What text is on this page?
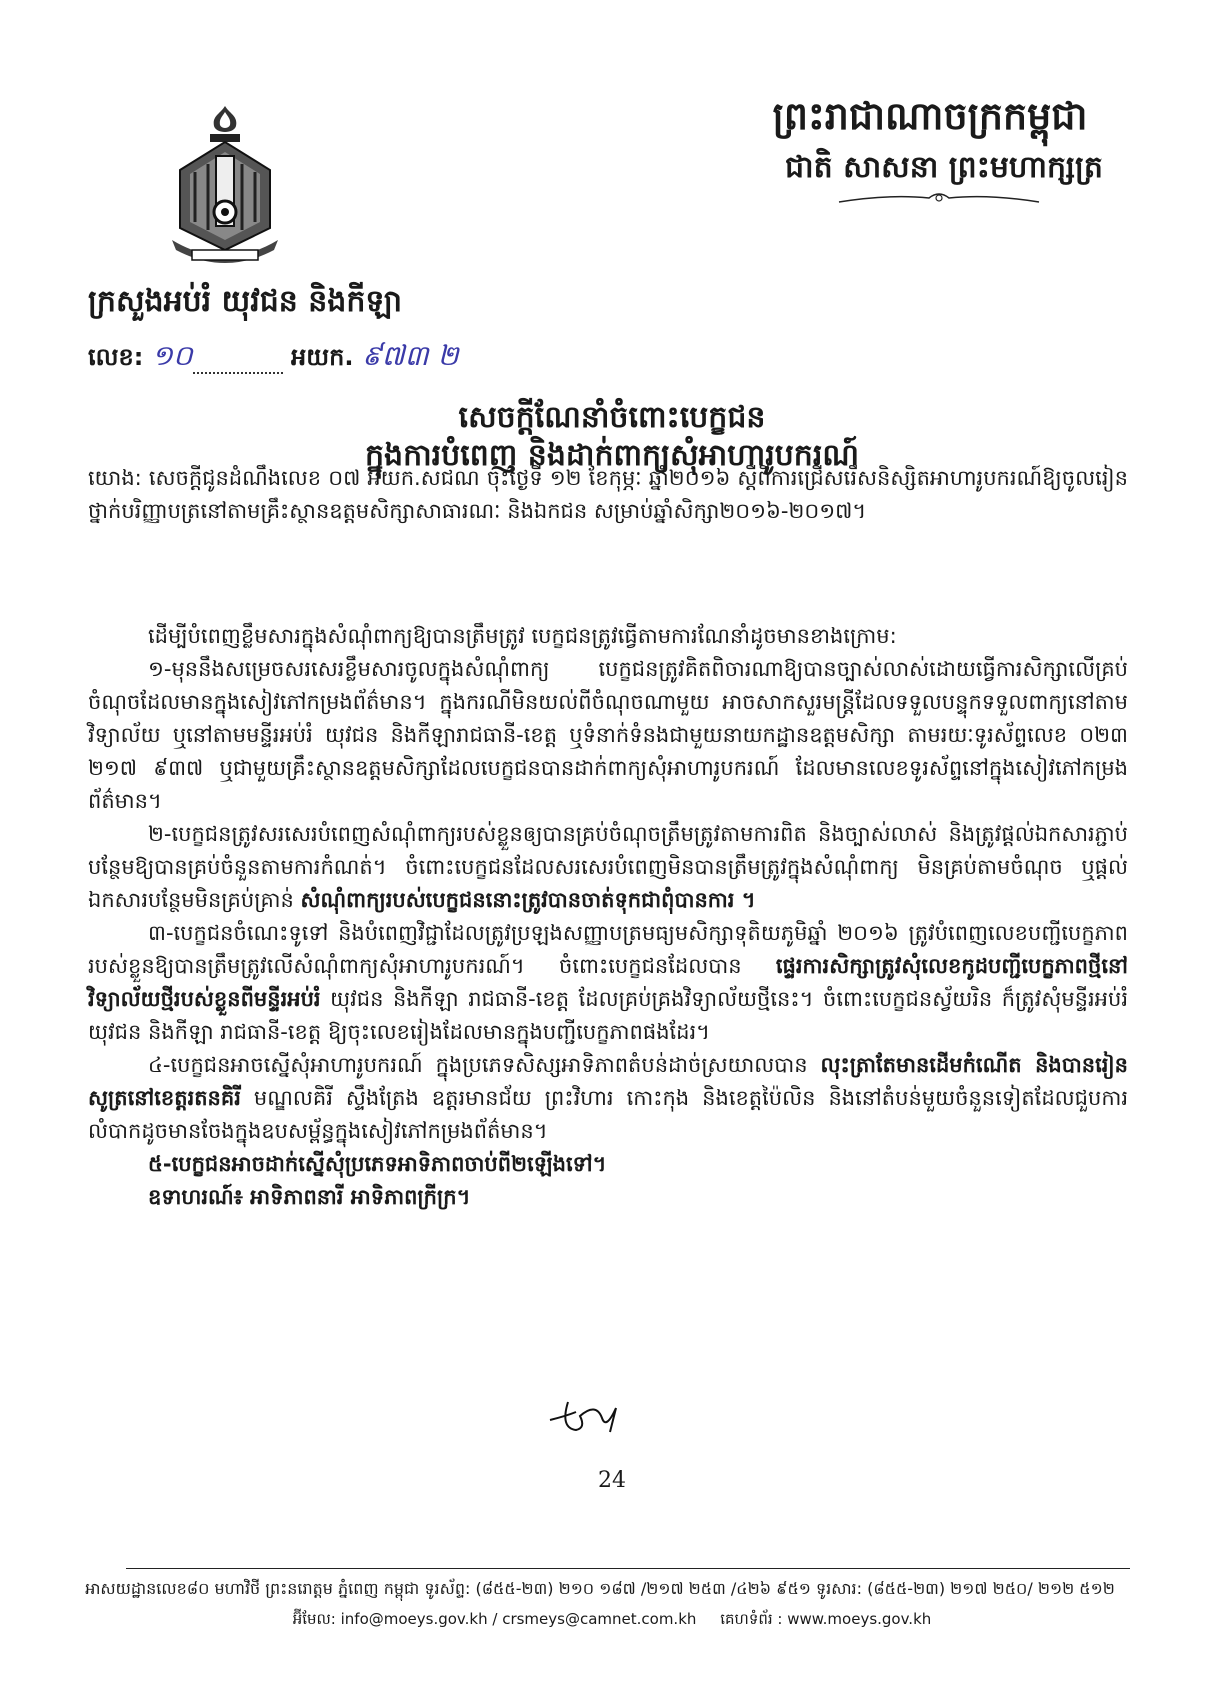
ព្រះរាជាណាចក្រកម្ពុជា
ជាតិ សាសនា ព្រះមហាក្សត្រ
ក្រសួងអប់រំ យុវជន និងកីឡា
លេខ: ១០	អយក. ៩៧៣ ២
សេចក្តីណែនាំចំពោះបេក្ខជន
ក្នុងការបំពេញ និងដាក់ពាក្យសុំអាហារូបករណ៍
យោង: សេចក្តីជូនដំណឹងលេខ ០៧ អយក.សជណ ចុះថ្ងៃទី ១២ ខែកុម្ភៈ ឆ្នាំ២០១៦ ស្តីពីការជ្រើសរើសនិស្សិតអាហារូបករណ៍ឱ្យចូលរៀនថ្នាក់បរិញ្ញាបត្រនៅតាមគ្រឹះស្ថានឧត្តមសិក្សាសាធារណៈ និងឯកជន សម្រាប់ឆ្នាំសិក្សា២០១៦-២០១៧។

ដើម្បីបំពេញខ្លឹមសារក្នុងសំណុំពាក្យឱ្យបានត្រឹមត្រូវ បេក្ខជនត្រូវធ្វើតាមការណែនាំដូចមានខាងក្រោម:

១-មុននឹងសម្រេចសរសេរខ្លឹមសារចូលក្នុងសំណុំពាក្យ បេក្ខជនត្រូវគិតពិចារណាឱ្យបានច្បាស់លាស់ដោយធ្វើការសិក្សាលើគ្រប់ចំណុចដែលមានក្នុងសៀវភៅកម្រងព័ត៌មាន។ ក្នុងករណីមិនយល់ពីចំណុចណាមួយ អាចសាកសួរមន្ត្រីដែលទទួលបន្ទុកទទួលពាក្យនៅតាមវិទ្យាល័យ ឬនៅតាមមន្ទីរអប់រំ យុវជន និងកីឡារាជធានី-ខេត្ត ឬទំនាក់ទំនងជាមួយនាយកដ្ឋានឧត្តមសិក្សា តាមរយៈទូរស័ព្ទលេខ ០២៣ ២១៧ ៩៣៧ ឬជាមួយគ្រឹះស្ថានឧត្តមសិក្សាដែលបេក្ខជនបានដាក់ពាក្យសុំអាហារូបករណ៍ ដែលមានលេខទូរស័ព្ទនៅក្នុងសៀវភៅកម្រងព័ត៌មាន។

២-បេក្ខជនត្រូវសរសេរបំពេញសំណុំពាក្យរបស់ខ្លួនឲ្យបានគ្រប់ចំណុចត្រឹមត្រូវតាមការពិត និងច្បាស់លាស់ និងត្រូវផ្តល់ឯកសារភ្ជាប់បន្ថែមឱ្យបានគ្រប់ចំនួនតាមការកំណត់។ ចំពោះបេក្ខជនដែលសរសេរបំពេញមិនបានត្រឹមត្រូវក្នុងសំណុំពាក្យ មិនគ្រប់តាមចំណុច ឬផ្តល់ឯកសារបន្ថែមមិនគ្រប់គ្រាន់ សំណុំពាក្យរបស់បេក្ខជននោះត្រូវបានចាត់ទុកជាពុំបានការ ។

៣-បេក្ខជនចំណេះទូទៅ និងបំពេញវិជ្ជាដែលត្រូវប្រឡងសញ្ញាបត្រមធ្យមសិក្សាទុតិយភូមិឆ្នាំ ២០១៦ ត្រូវបំពេញលេខបញ្ជីបេក្ខភាពរបស់ខ្លួនឱ្យបានត្រឹមត្រូវលើសំណុំពាក្យសុំអាហារូបករណ៍។ ចំពោះបេក្ខជនដែលបាន ផ្ទេរការសិក្សាត្រូវសុំលេខកូដបញ្ជីបេក្ខភាពថ្មីនៅវិទ្យាល័យថ្មីរបស់ខ្លួនពីមន្ទីរអប់រំ យុវជន និងកីឡា រាជធានី-ខេត្ត ដែលគ្រប់គ្រងវិទ្យាល័យថ្មីនេះ។ ចំពោះបេក្ខជនស្វ័យរិន ក៏ត្រូវសុំមន្ទីរអប់រំ យុវជន និងកីឡា រាជធានី-ខេត្ត ឱ្យចុះលេខរៀងដែលមានក្នុងបញ្ជីបេក្ខភាពផងដែរ។

៤-បេក្ខជនអាចស្នើសុំអាហារូបករណ៍ ក្នុងប្រភេទសិស្សអាទិភាពតំបន់ដាច់ស្រយាលបាន លុះត្រាតែមានដើមកំណើត និងបានរៀនសូត្រនៅខេត្តរតនគិរី មណ្ឌលគិរី ស្ទឹងត្រែង ឧត្តរមានជ័យ ព្រះវិហារ កោះកុង និងខេត្តប៉ៃលិន និងនៅតំបន់មួយចំនួនទៀតដែលជួបការលំបាកដូចមានចែងក្នុងឧបសម្ព័ន្ធក្នុងសៀវភៅកម្រងព័ត៌មាន។

៥-បេក្ខជនអាចដាក់ស្នើសុំប្រភេទអាទិភាពចាប់ពី២ឡើងទៅ។

ឧទាហរណ៍៖ អាទិភាពនារី អាទិភាពក្រីក្រ។

24
អាសយដ្ឋានលេខ៨០ មហាវិថី ព្រះនរោត្តម ភ្នំពេញ កម្ពុជា ទូរស័ព្ទ: (៨៥៥-២៣) ២១០ ១៨៧ /២១៧ ២៥៣ /៤២៦ ៩៥១ ទូរសារ: (៨៥៥-២៣) ២១៧ ២៥០/ ២១២ ៥១២
អ៊ីមែល: info@moeys.gov.kh / crsmeys@camnet.com.kh គេហទំព័រ : www.moeys.gov.kh
